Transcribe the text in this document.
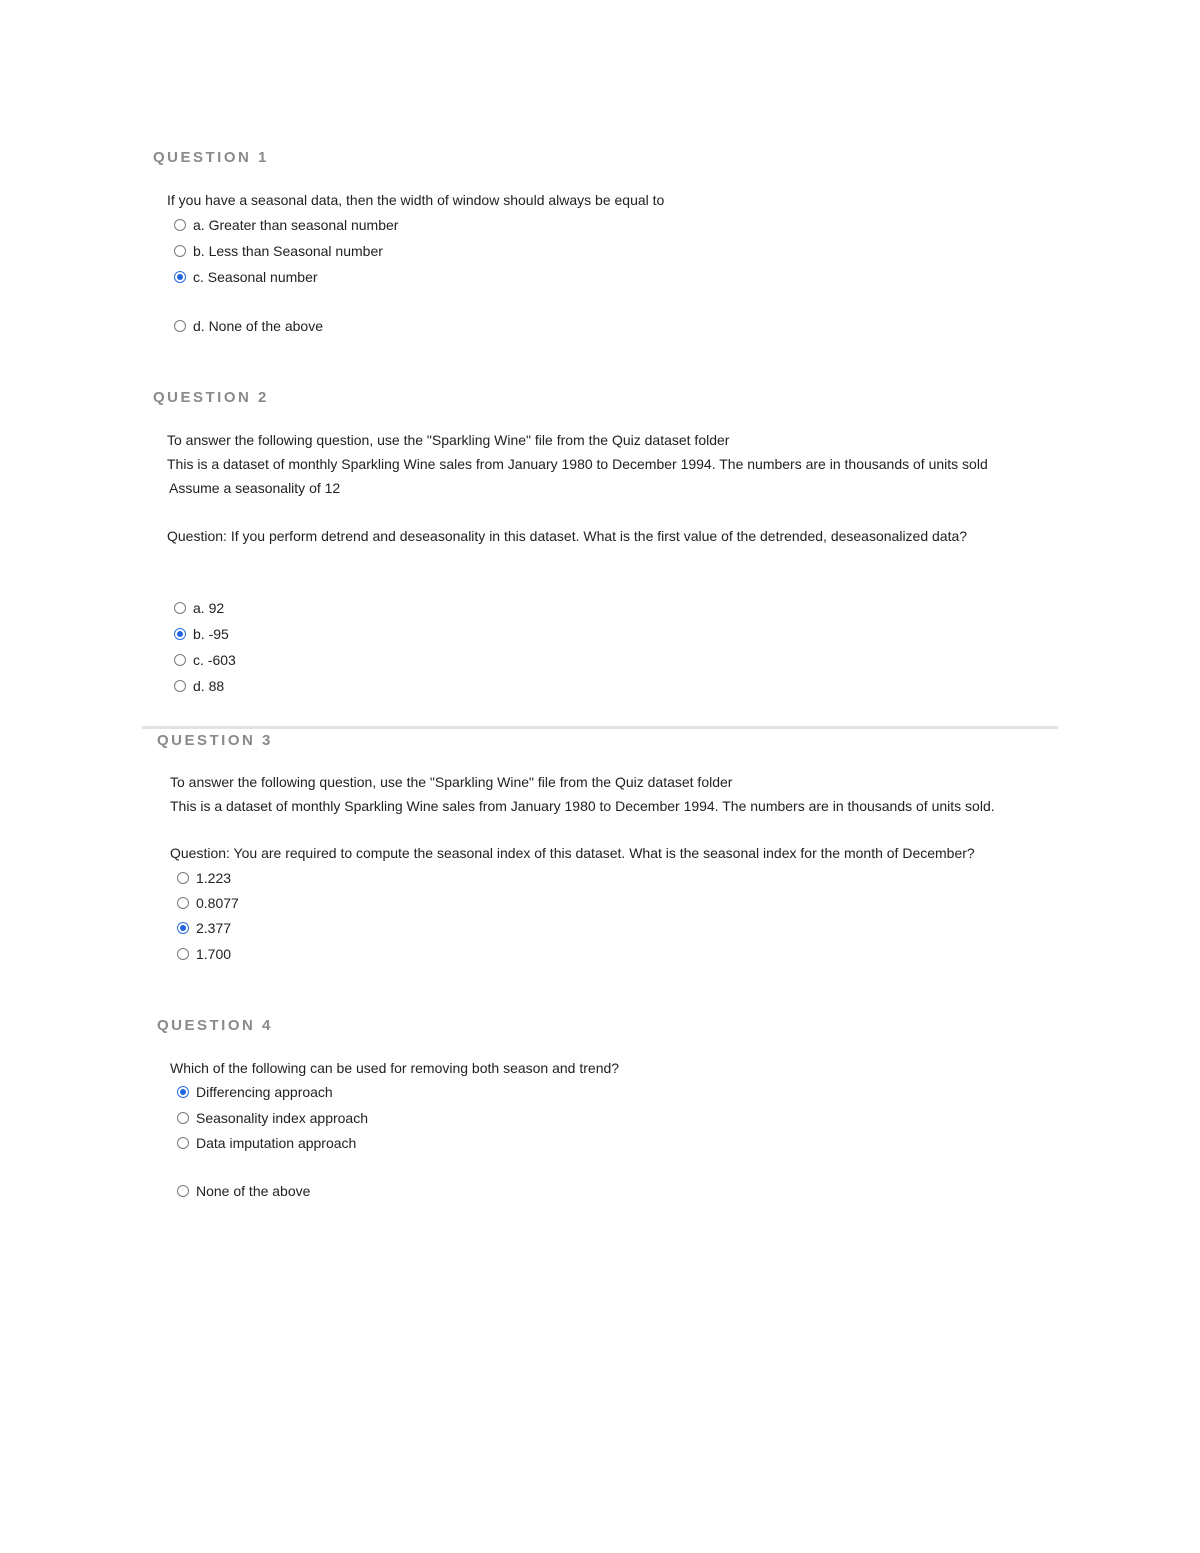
QUESTION 1

If you have a seasonal data, then the width of window should always be equal to

a. Greater than seasonal number
b. Less than Seasonal number
c. Seasonal number
d. None of the above
QUESTION 2

To answer the following question, use the "Sparkling Wine" file from the Quiz dataset folder

This is a dataset of monthly Sparkling Wine sales from January 1980 to December 1994. The numbers are in thousands of units sold

Assume a seasonality of 12

Question: If you perform detrend and deseasonality in this dataset. What is the first value of the detrended, deseasonalized data?

a. 92
b. -95
c. -603
d. 88
QUESTION 3

To answer the following question, use the "Sparkling Wine" file from the Quiz dataset folder

This is a dataset of monthly Sparkling Wine sales from January 1980 to December 1994. The numbers are in thousands of units sold.

Question: You are required to compute the seasonal index of this dataset. What is the seasonal index for the month of December?

1.223
0.8077
2.377
1.700
QUESTION 4

Which of the following can be used for removing both season and trend?

Differencing approach
Seasonality index approach
Data imputation approach
None of the above
